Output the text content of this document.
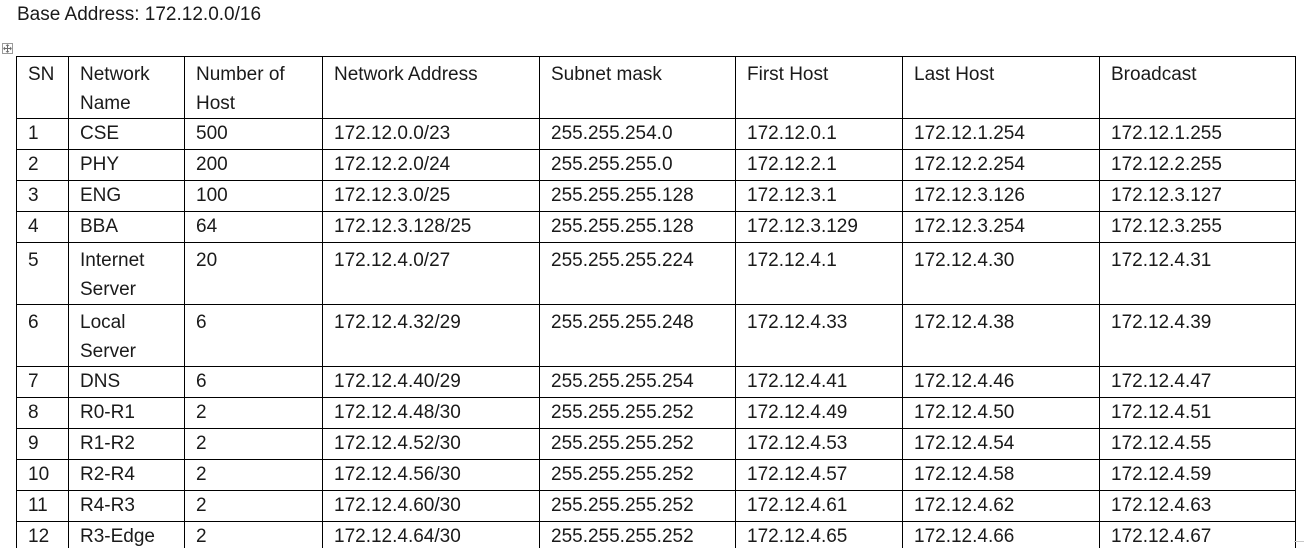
Base Address: 172.12.0.0/16
SN	Network Name	Number of Host	Network Address	Subnet mask	First Host	Last Host	Broadcast
1	CSE	500	172.12.0.0/23	255.255.254.0	172.12.0.1	172.12.1.254	172.12.1.255
2	PHY	200	172.12.2.0/24	255.255.255.0	172.12.2.1	172.12.2.254	172.12.2.255
3	ENG	100	172.12.3.0/25	255.255.255.128	172.12.3.1	172.12.3.126	172.12.3.127
4	BBA	64	172.12.3.128/25	255.255.255.128	172.12.3.129	172.12.3.254	172.12.3.255
5	Internet Server	20	172.12.4.0/27	255.255.255.224	172.12.4.1	172.12.4.30	172.12.4.31
6	Local Server	6	172.12.4.32/29	255.255.255.248	172.12.4.33	172.12.4.38	172.12.4.39
7	DNS	6	172.12.4.40/29	255.255.255.254	172.12.4.41	172.12.4.46	172.12.4.47
8	R0-R1	2	172.12.4.48/30	255.255.255.252	172.12.4.49	172.12.4.50	172.12.4.51
9	R1-R2	2	172.12.4.52/30	255.255.255.252	172.12.4.53	172.12.4.54	172.12.4.55
10	R2-R4	2	172.12.4.56/30	255.255.255.252	172.12.4.57	172.12.4.58	172.12.4.59
11	R4-R3	2	172.12.4.60/30	255.255.255.252	172.12.4.61	172.12.4.62	172.12.4.63
12	R3-Edge	2	172.12.4.64/30	255.255.255.252	172.12.4.65	172.12.4.66	172.12.4.67
